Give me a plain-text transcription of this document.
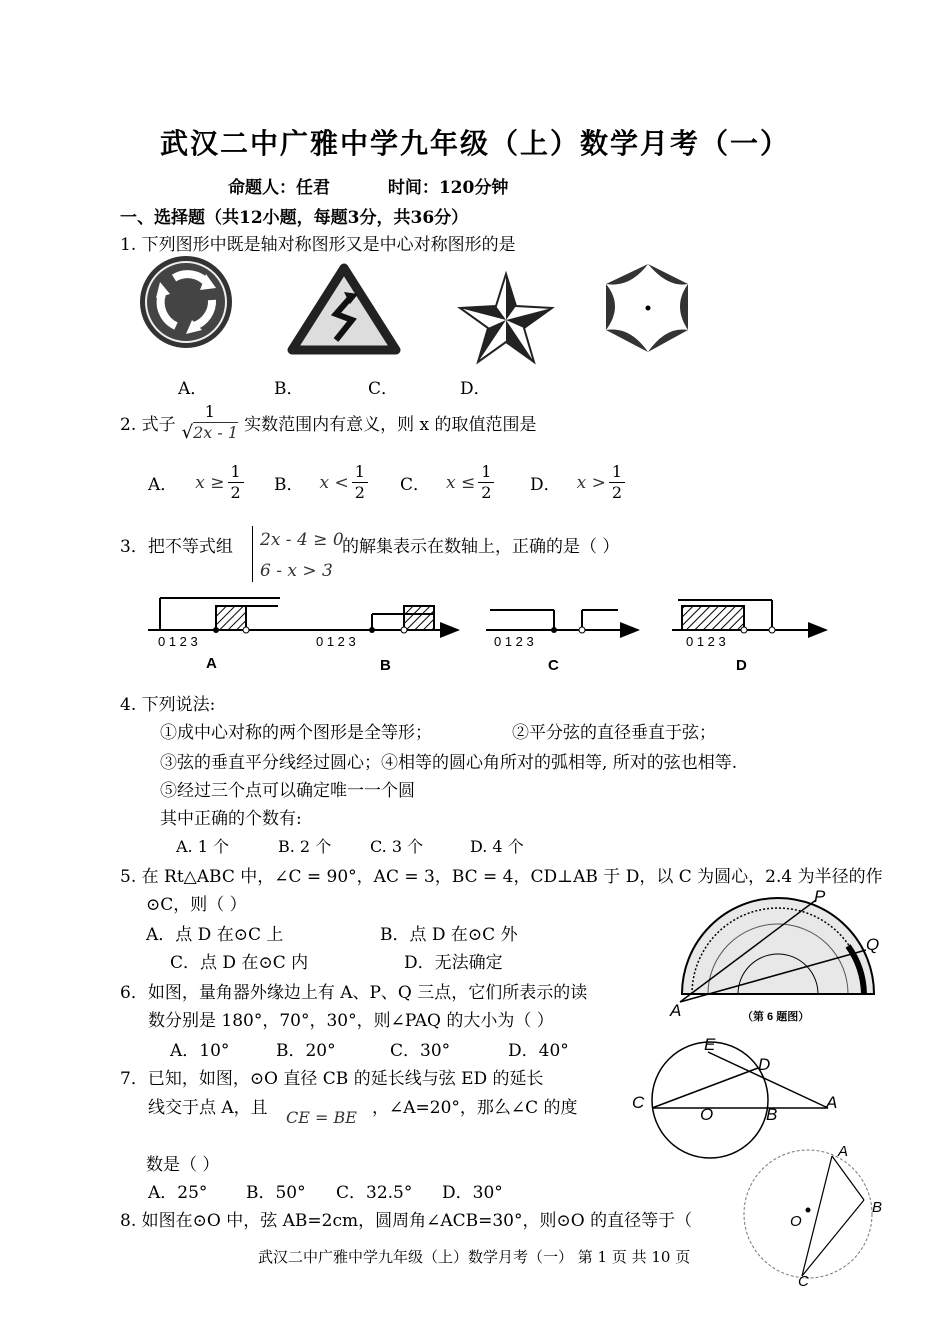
武汉二中广雅中学九年级（上）数学月考（一）
命题人：任君	时间：120分钟
一、选择题（共12小题，每题3分，共36分）
1. 下列图形中既是轴对称图形又是中心对称图形的是
A．	B．	C．	D．
2. 式子 $\frac{1}{√2x - 1}$ 实数范围内有意义，则 x 的取值范围是
A． $x \ge \frac{1}{2}$ B． $x < \frac{1}{2}$ C． $x \le \frac{1}{2}$ D． $x > \frac{1}{2}$
3．把不等式组 2x - 4 ≥ 0
6 - x > 3
的解集表示在数轴上，正确的是（ ）
0 1 2 3
A
0 1 2 3
B
0 1 2 3
C
0 1 2 3
D
4. 下列说法:
①成中心对称的两个图形是全等形；	②平分弦的直径垂直于弦；
③弦的垂直平分线经过圆心；④相等的圆心角所对的弧相等, 所对的弦也相等.
⑤经过三个点可以确定唯一一个圆
其中正确的个数有:
A. 1 个	B. 2 个 C. 3 个	D. 4 个
5. 在 Rt△ABC 中，∠C = 90°，AC = 3，BC = 4，CD⊥AB 于 D，以 C 为圆心，2.4 为半径的作
⊙C，则（ ）
A．点 D 在⊙C 上	B．点 D 在⊙C 外
C．点 D 在⊙C 内	D．无法确定
A
P
Q
（第 6 题图）
6．如图，量角器外缘边上有 A、P、Q 三点，它们所表示的读
数分别是 180°，70°，30°，则∠PAQ 的大小为（ ）
A．10°	B．20°	C．30°	D．40°	E
D
C
O	B
A
7．已知，如图，⊙O 直径 CB 的延长线与弦 ED 的延长
线交于点 A，且 CE = BE ，∠A=20°，那么∠C 的度
数是（ ）
A．25° B．50° C．32.5° D．30°
A
B
O
C
8. 如图在⊙O 中，弦 AB=2cm，圆周角∠ACB=30°，则⊙O 的直径等于（
武汉二中广雅中学九年级（上）数学月考（一） 第 1 页 共 10 页
